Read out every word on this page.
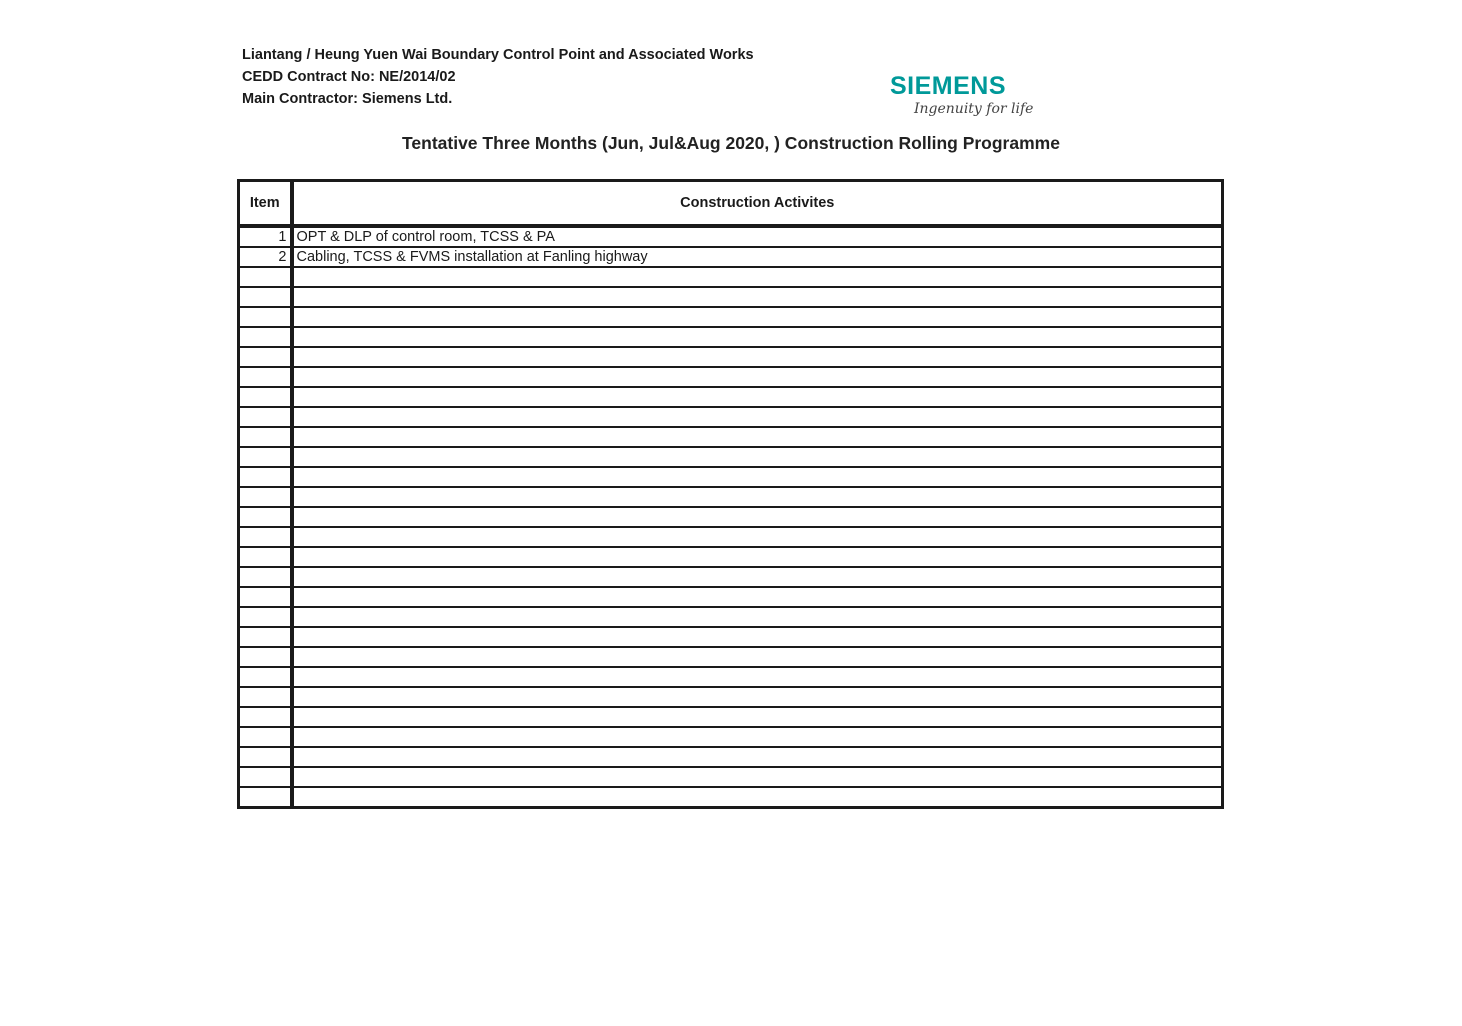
Liantang / Heung Yuen Wai Boundary Control Point and Associated Works
CEDD Contract No: NE/2014/02
Main Contractor: Siemens Ltd.	SIEMENS
Ingenuity for life
Tentative Three Months (Jun, Jul&Aug 2020, ) Construction Rolling Programme
Item	Construction Activites
1	OPT & DLP of control room, TCSS & PA
2	Cabling, TCSS & FVMS installation at Fanling highway
